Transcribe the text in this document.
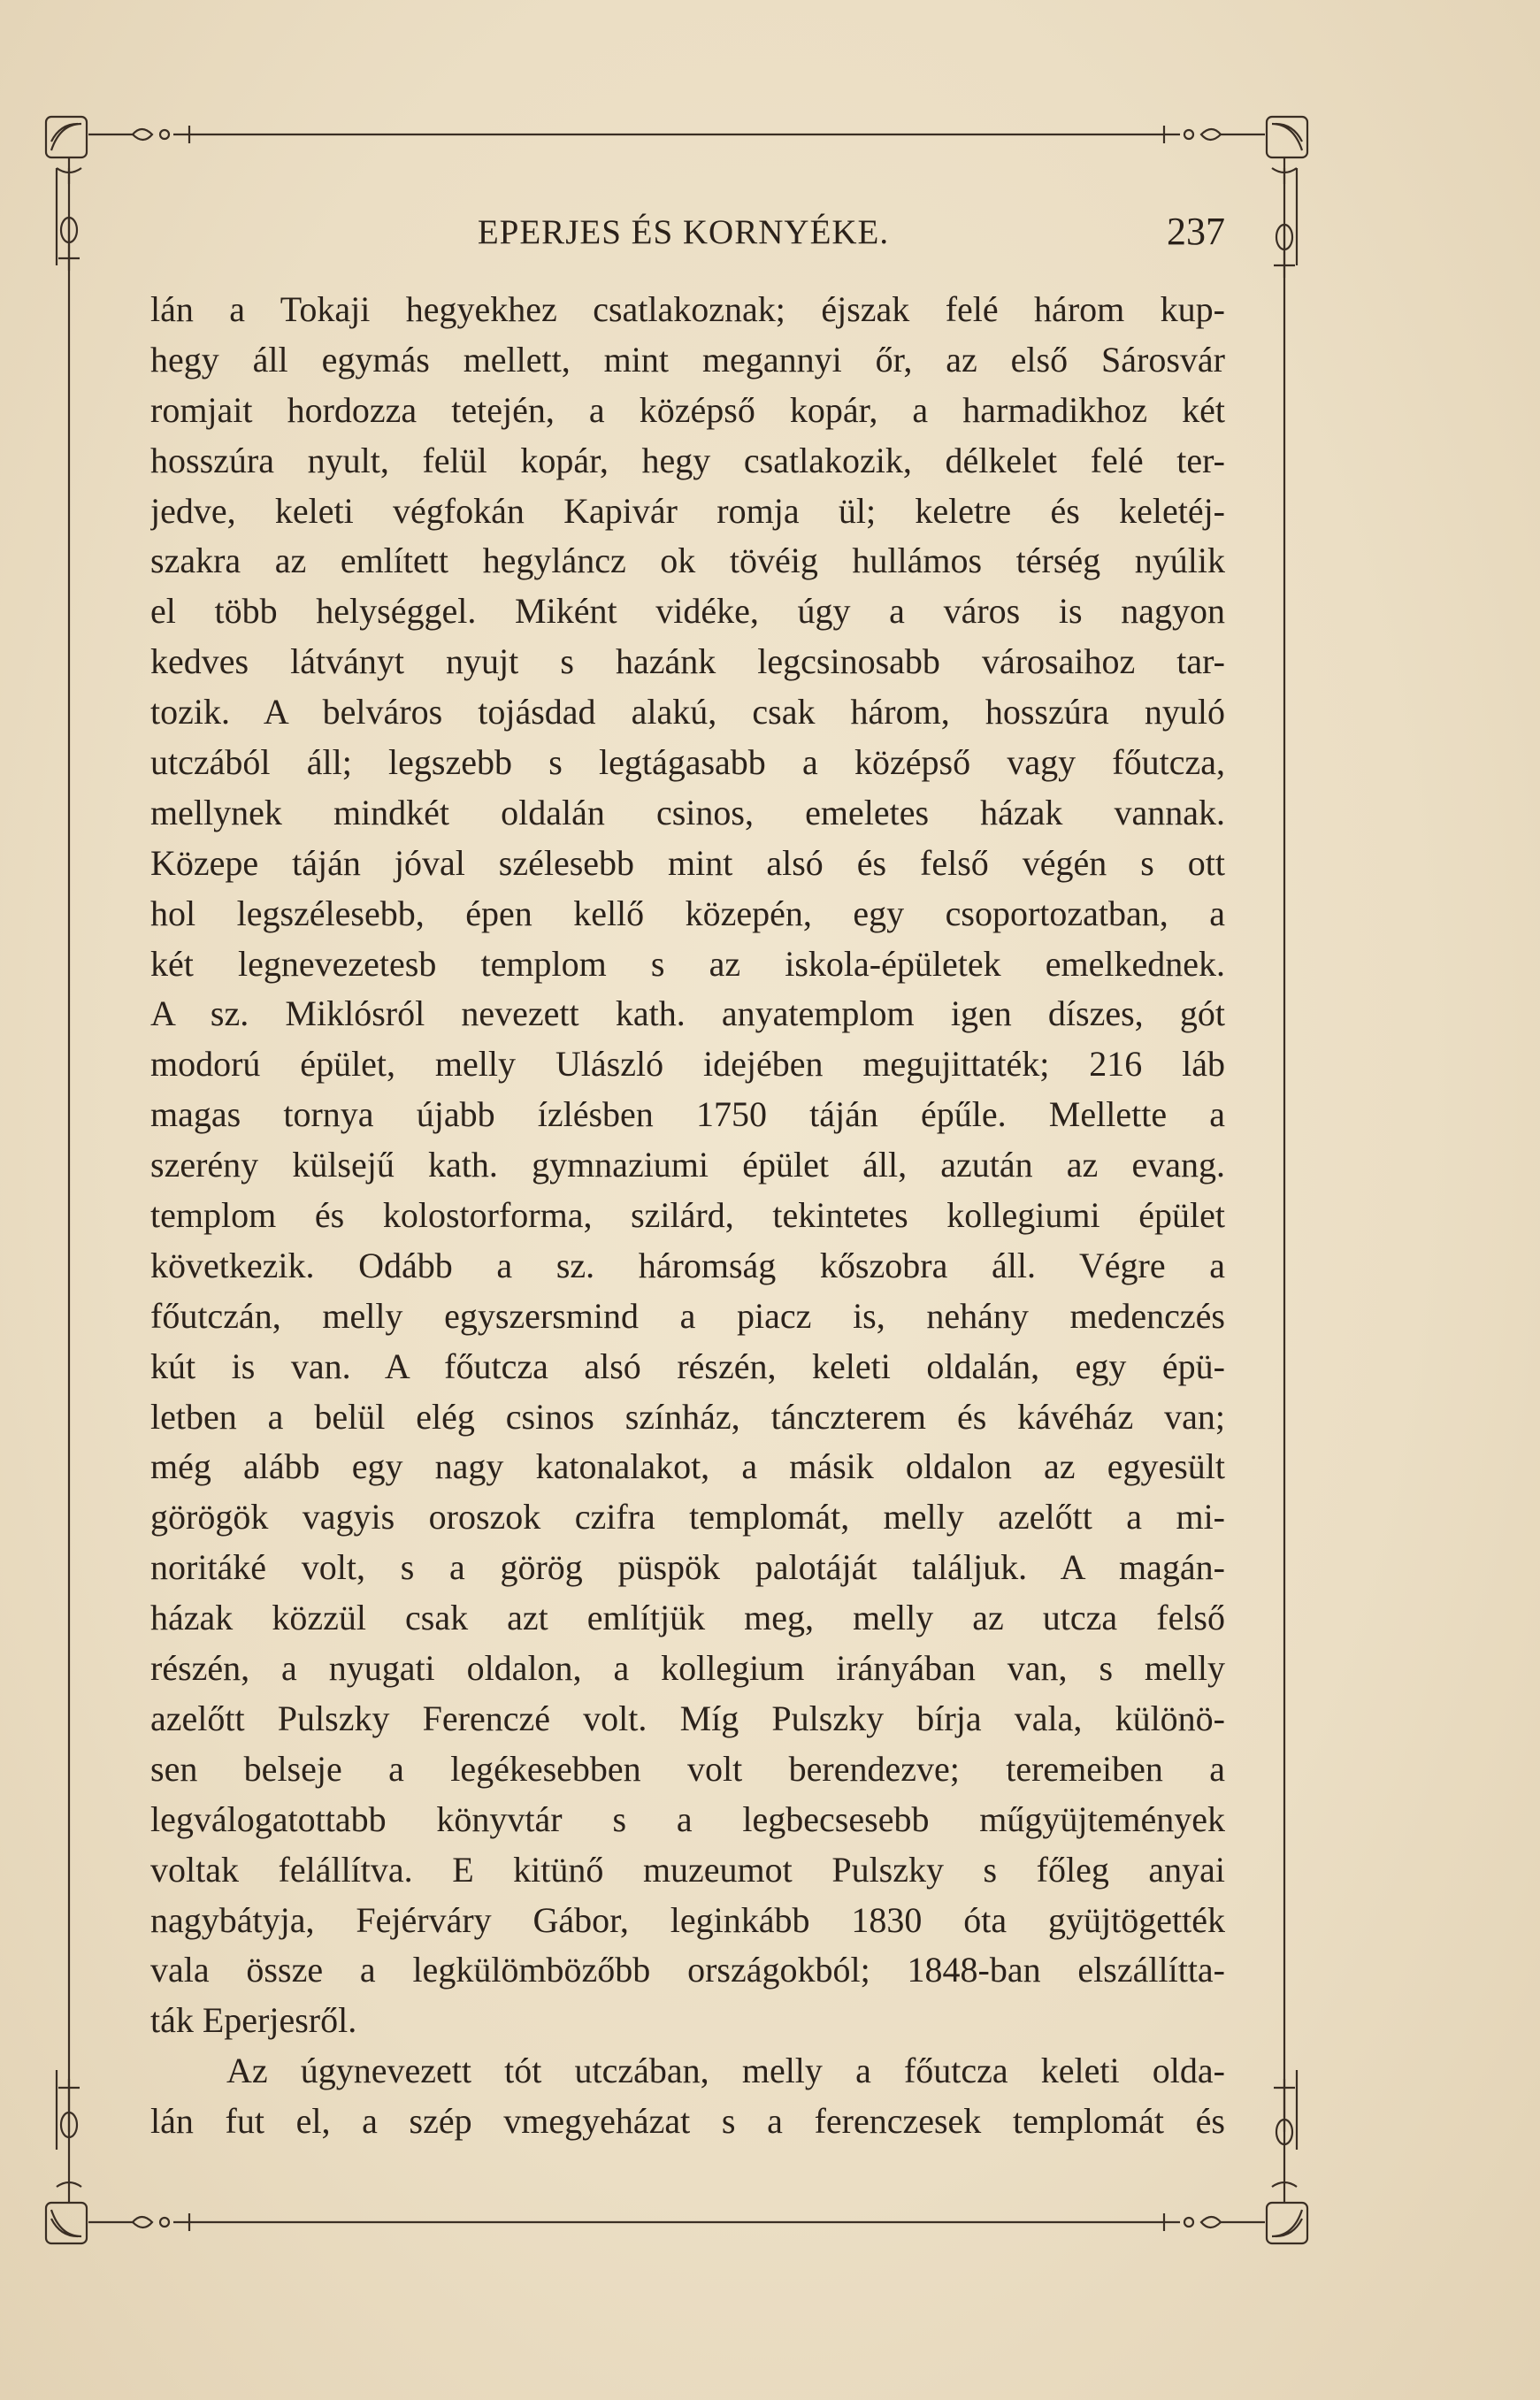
EPERJES ÉS KORNYÉKE.	237
lán a Tokaji hegyekhez csatlakoznak; éjszak felé három kup-
hegy áll egymás mellett, mint megannyi őr, az első Sárosvár
romjait hordozza tetején, a középső kopár, a harmadikhoz két
hosszúra nyult, felül kopár, hegy csatlakozik, délkelet felé ter-
jedve, keleti végfokán Kapivár romja ül; keletre és keletéj-
szakra az említett hegyláncz ok tövéig hullámos térség nyúlik
el több helységgel. Miként vidéke, úgy a város is nagyon
kedves látványt nyujt s hazánk legcsinosabb városaihoz tar-
tozik. A belváros tojásdad alakú, csak három, hosszúra nyuló
utczából áll; legszebb s legtágasabb a középső vagy főutcza,
mellynek mindkét oldalán csinos, emeletes házak vannak.
Közepe táján jóval szélesebb mint alsó és felső végén s ott
hol legszélesebb, épen kellő közepén, egy csoportozatban, a
két legnevezetesb templom s az iskola-épületek emelkednek.
A sz. Miklósról nevezett kath. anyatemplom igen díszes, gót
modorú épület, melly Ulászló idejében megujittaték; 216 láb
magas tornya újabb ízlésben 1750 táján épűle. Mellette a
szerény külsejű kath. gymnaziumi épület áll, azután az evang.
templom és kolostorforma, szilárd, tekintetes kollegiumi épület
következik. Odább a sz. háromság kőszobra áll. Végre a
főutczán, melly egyszersmind a piacz is, nehány medenczés
kút is van. A főutcza alsó részén, keleti oldalán, egy épü-
letben a belül elég csinos színház, tánczterem és kávéház van;
még alább egy nagy katonalakot, a másik oldalon az egyesült
görögök vagyis oroszok czifra templomát, melly azelőtt a mi-
noritáké volt, s a görög püspök palotáját találjuk. A magán-
házak közzül csak azt említjük meg, melly az utcza felső
részén, a nyugati oldalon, a kollegium irányában van, s melly
azelőtt Pulszky Ferenczé volt. Míg Pulszky bírja vala, különö-
sen belseje a legékesebben volt berendezve; teremeiben a
legválogatottabb könyvtár s a legbecsesebb műgyüjtemények
voltak felállítva. E kitünő muzeumot Pulszky s főleg anyai
nagybátyja, Fejérváry Gábor, leginkább 1830 óta gyüjtögették
vala össze a legkülömbözőbb országokból; 1848-ban elszállítta-
ták Eperjesről.
Az úgynevezett tót utczában, melly a főutcza keleti olda-
lán fut el, a szép vmegyeházat s a ferenczesek templomát és
